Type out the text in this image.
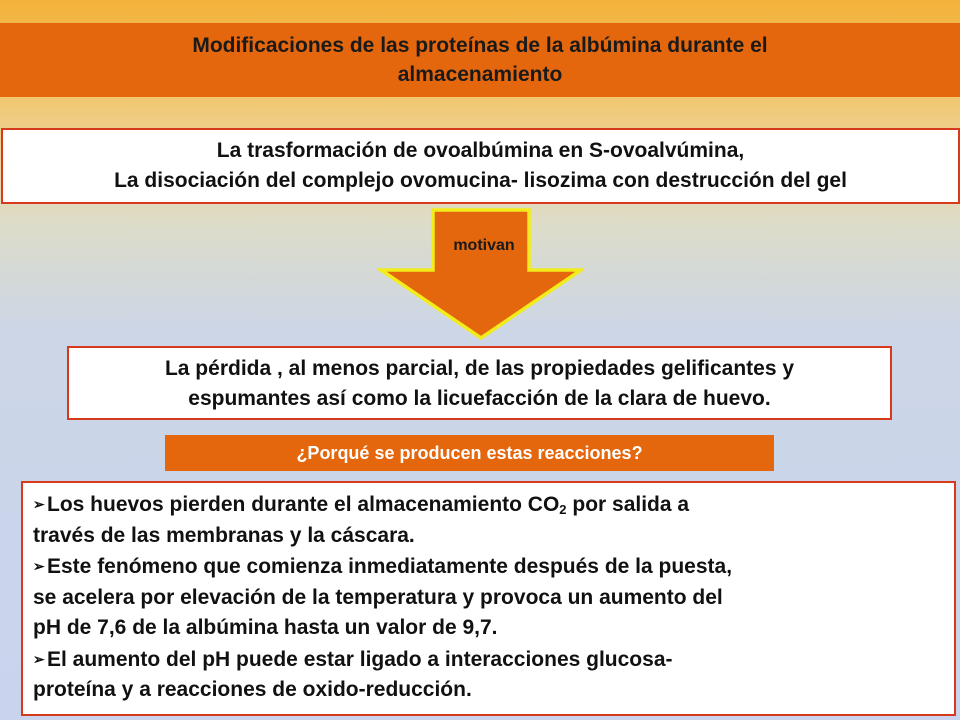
Modificaciones de las proteínas de la albúmina durante el
almacenamiento
La trasformación de ovoalbúmina en S-ovoalvúmina,
La disociación del complejo ovomucina- lisozima con destrucción del gel
motivan
La pérdida , al menos parcial, de las propiedades gelificantes y
espumantes así como la licuefacción de la clara de huevo.
¿Porqué se producen estas reacciones?
➢ Los huevos pierden durante el almacenamiento $CO_2$ por salida a
través de las membranas y la cáscara.
➢ Este fenómeno que comienza inmediatamente después de la puesta,
se acelera por elevación de la temperatura y provoca un aumento del
pH de 7,6 de la albúmina hasta un valor de 9,7.
➢ El aumento del pH puede estar ligado a interacciones glucosa-
proteína y a reacciones de oxido-reducción.
